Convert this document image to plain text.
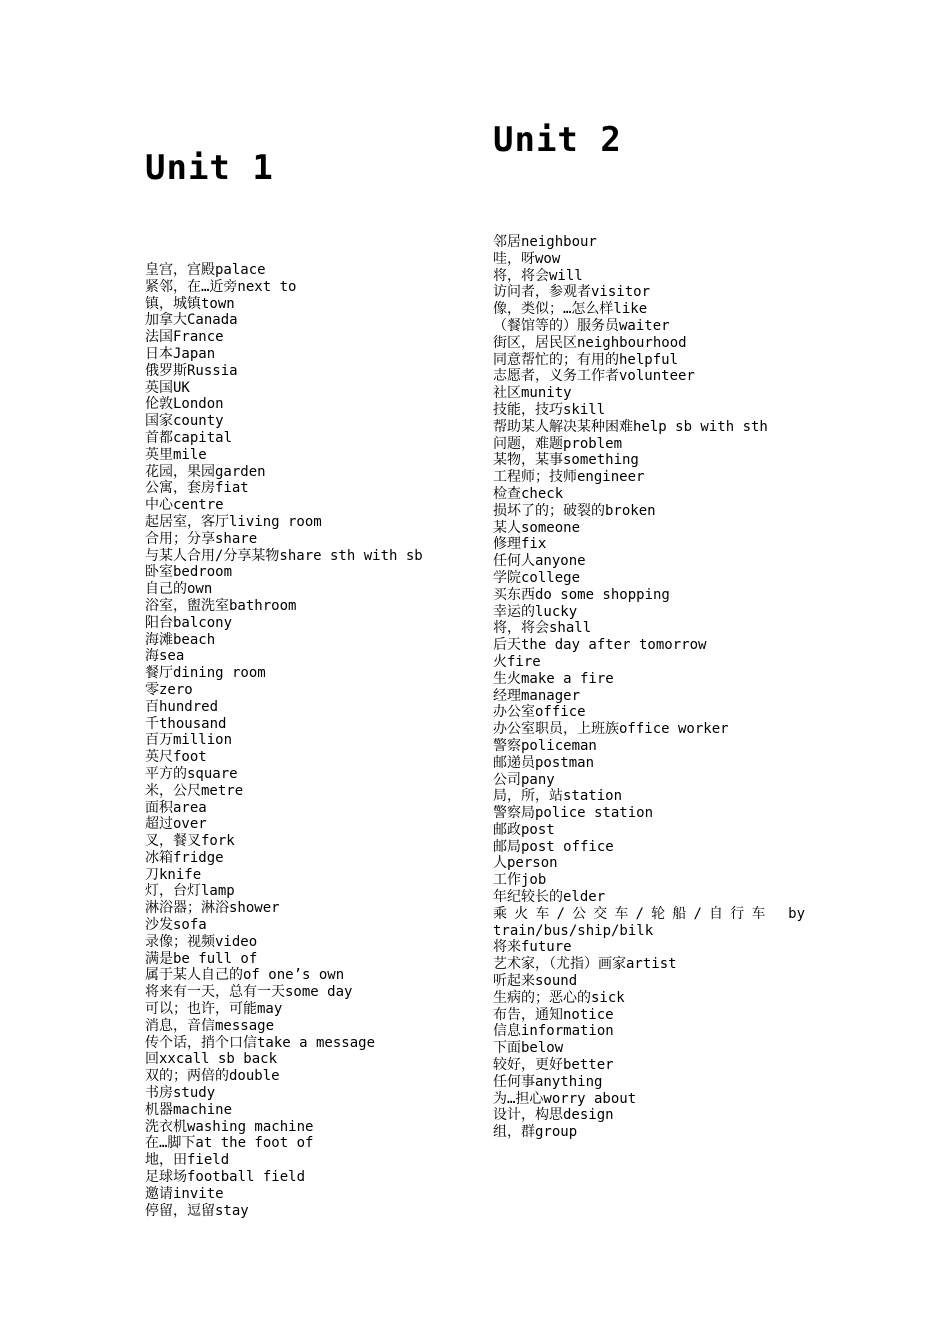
Unit 1
皇宫，宫殿palace
紧邻，在…近旁next to
镇，城镇town
加拿大Canada
法国France
日本Japan
俄罗斯Russia
英国UK
伦敦London
国家county
首都capital
英里mile
花园，果园garden
公寓，套房fiat
中心centre
起居室，客厅living room
合用；分享share
与某人合用/分享某物share sth with sb
卧室bedroom
自己的own
浴室，盥洗室bathroom
阳台balcony
海滩beach
海sea
餐厅dining room
零zero
百hundred
千thousand
百万million
英尺foot
平方的square
米，公尺metre
面积area
超过over
叉，餐叉fork
冰箱fridge
刀knife
灯，台灯lamp
淋浴器；淋浴shower
沙发sofa
录像；视频video
满是be full of
属于某人自己的of one’s own
将来有一天，总有一天some day
可以；也许，可能may
消息，音信message
传个话，捎个口信take a message
回xxcall sb back
双的；两倍的double
书房study
机器machine
洗衣机washing machine
在…脚下at the foot of
地，田field
足球场football field
邀请invite
停留，逗留stay
Unit 2
邻居neighbour
哇，呀wow
将，将会will
访问者，参观者visitor
像，类似；…怎么样like
（餐馆等的）服务员waiter
街区，居民区neighbourhood
同意帮忙的；有用的helpful
志愿者，义务工作者volunteer
社区munity
技能，技巧skill
帮助某人解决某种困难help sb with sth
问题，难题problem
某物，某事something
工程师；技师engineer
检查check
损坏了的；破裂的broken
某人someone
修理fix
任何人anyone
学院college
买东西do some shopping
幸运的lucky
将，将会shall
后天the day after tomorrow
火fire
生火make a fire
经理manager
办公室office
办公室职员，上班族office worker
警察policeman
邮递员postman
公司pany
局，所，站station
警察局police station
邮政post
邮局post office
人person
工作job
年纪较长的elder
乘火车/公交车/轮船/自行车 by train/bus/ship/bilk
将来future
艺术家，（尤指）画家artist
听起来sound
生病的；恶心的sick
布告，通知notice
信息information
下面below
较好，更好better
任何事anything
为…担心worry about
设计，构思design
组，群group
